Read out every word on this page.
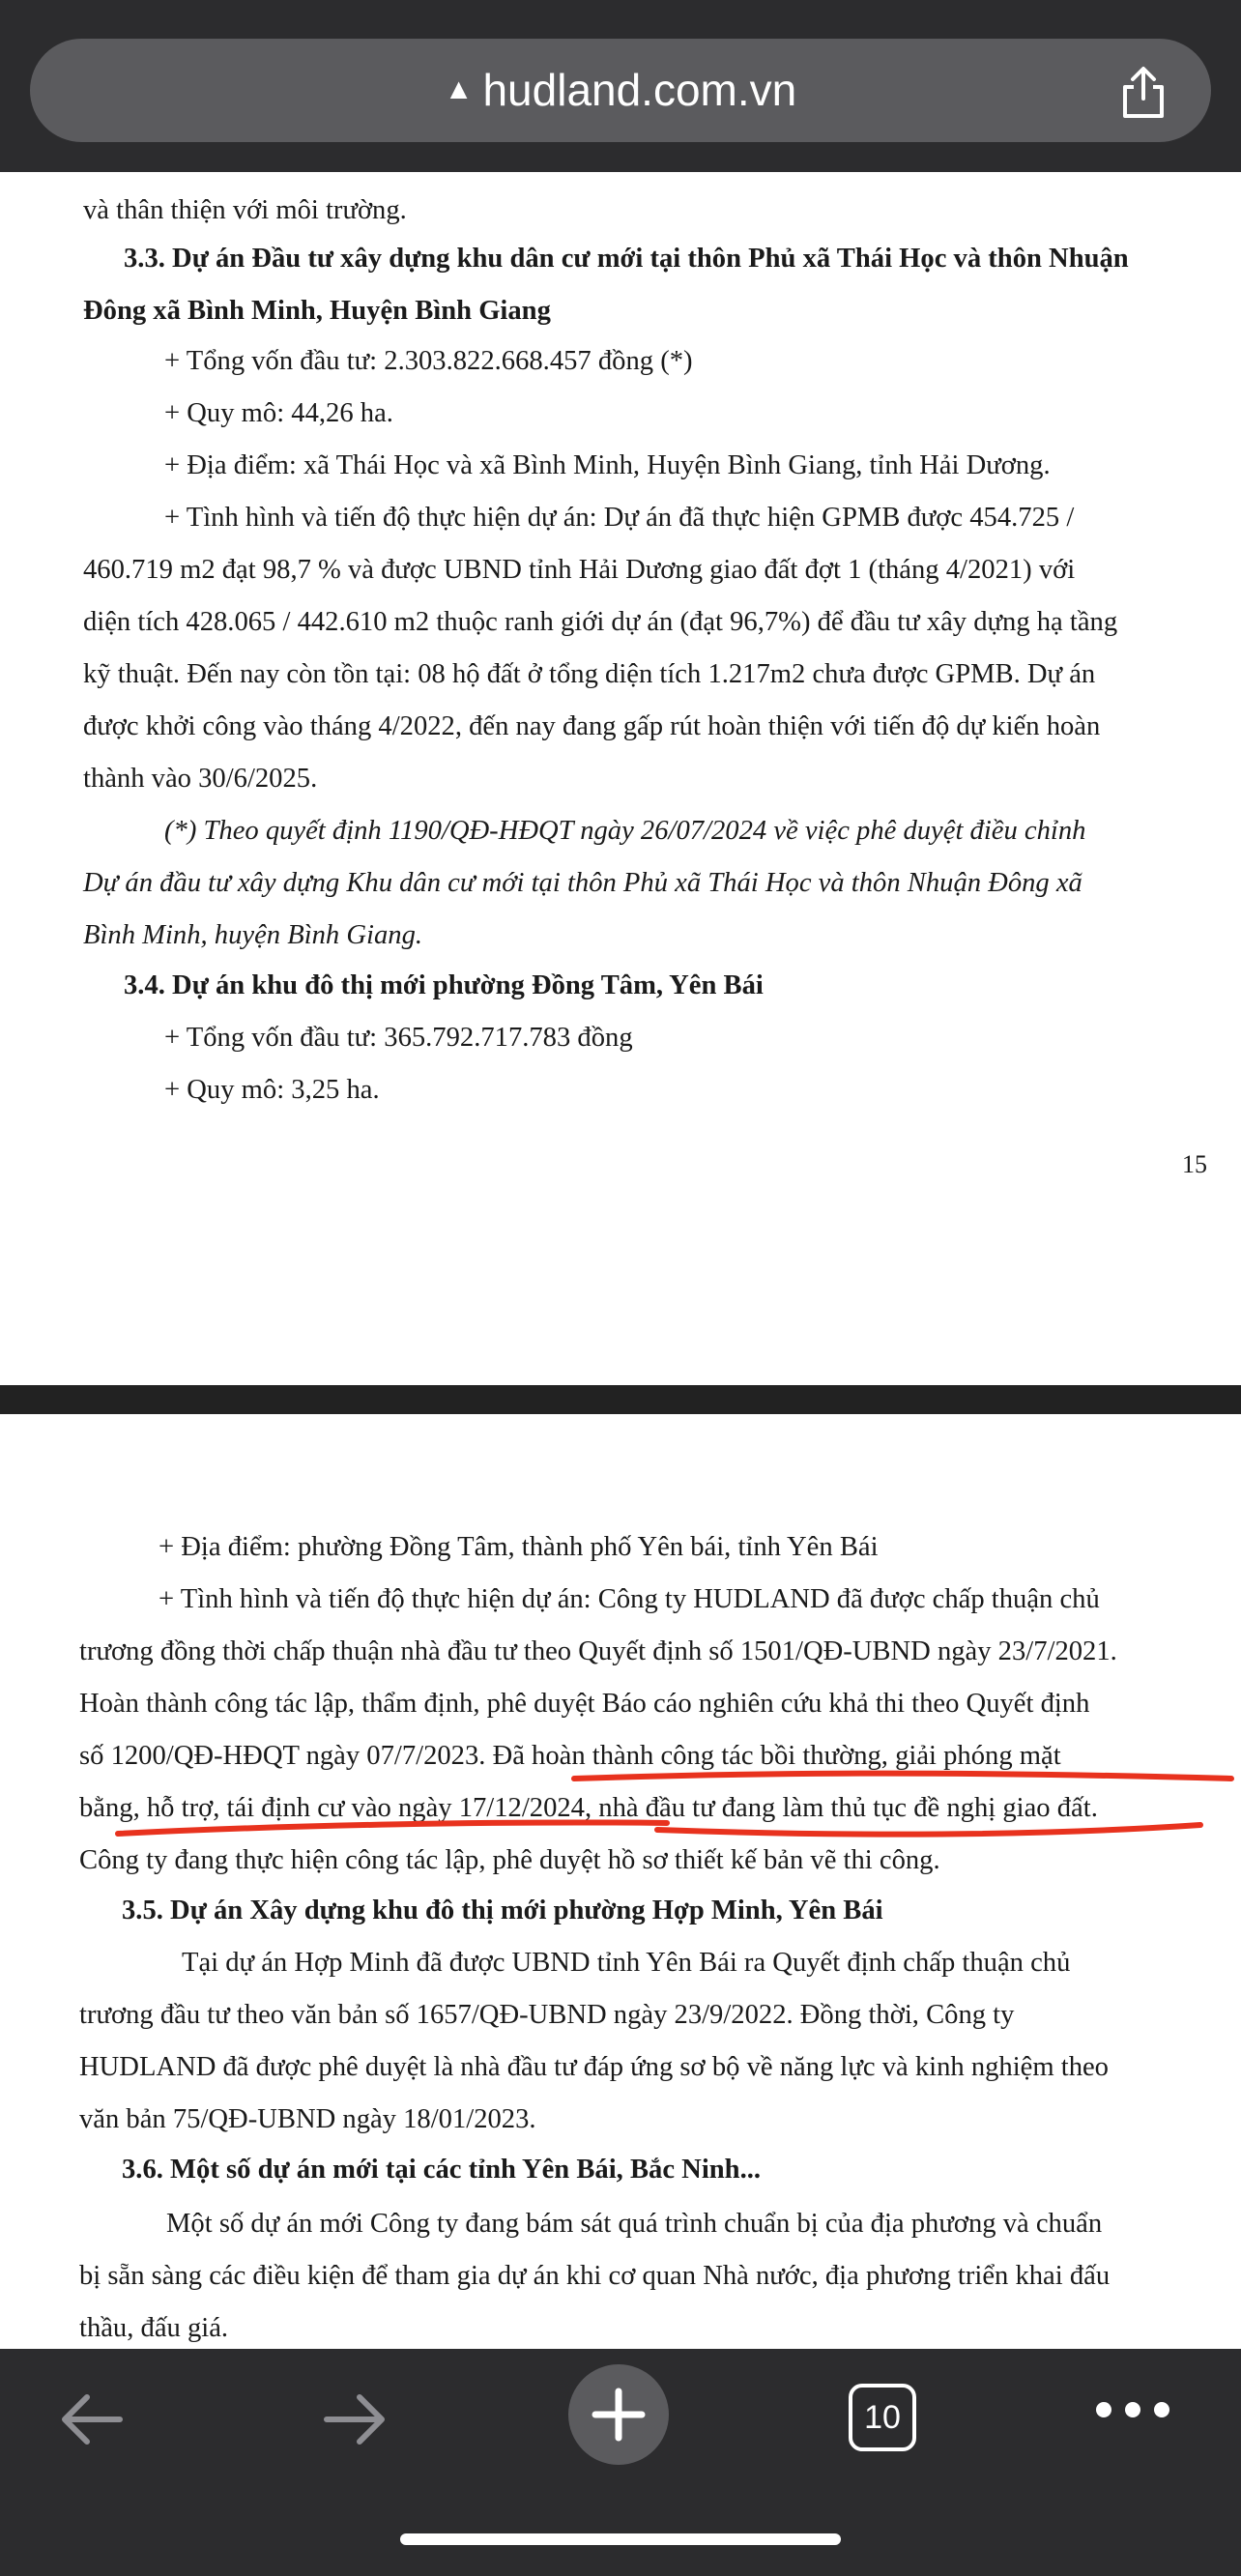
▲ hudland.com.vn
và thân thiện với môi trường.
3.3. Dự án Đầu tư xây dựng khu dân cư mới tại thôn Phủ xã Thái Học và thôn Nhuận
Đông xã Bình Minh, Huyện Bình Giang
+ Tổng vốn đầu tư: 2.303.822.668.457 đồng (*)
+ Quy mô: 44,26 ha.
+ Địa điểm: xã Thái Học và xã Bình Minh, Huyện Bình Giang, tỉnh Hải Dương.
+ Tình hình và tiến độ thực hiện dự án: Dự án đã thực hiện GPMB được 454.725 /
460.719 m2 đạt 98,7 % và được UBND tỉnh Hải Dương giao đất đợt 1 (tháng 4/2021) với
diện tích 428.065 / 442.610 m2 thuộc ranh giới dự án (đạt 96,7%) để đầu tư xây dựng hạ tầng
kỹ thuật. Đến nay còn tồn tại: 08 hộ đất ở tổng diện tích 1.217m2 chưa được GPMB. Dự án
được khởi công vào tháng 4/2022, đến nay đang gấp rút hoàn thiện với tiến độ dự kiến hoàn
thành vào 30/6/2025.
(*) Theo quyết định 1190/QĐ-HĐQT ngày 26/07/2024 về việc phê duyệt điều chỉnh
Dự án đầu tư xây dựng Khu dân cư mới tại thôn Phủ xã Thái Học và thôn Nhuận Đông xã
Bình Minh, huyện Bình Giang.
3.4. Dự án khu đô thị mới phường Đồng Tâm, Yên Bái
+ Tổng vốn đầu tư: 365.792.717.783 đồng
+ Quy mô: 3,25 ha.
15
+ Địa điểm: phường Đồng Tâm, thành phố Yên bái, tỉnh Yên Bái
+ Tình hình và tiến độ thực hiện dự án: Công ty HUDLAND đã được chấp thuận chủ
trương đồng thời chấp thuận nhà đầu tư theo Quyết định số 1501/QĐ-UBND ngày 23/7/2021.
Hoàn thành công tác lập, thẩm định, phê duyệt Báo cáo nghiên cứu khả thi theo Quyết định
số 1200/QĐ-HĐQT ngày 07/7/2023. Đã hoàn thành công tác bồi thường, giải phóng mặt
bằng, hỗ trợ, tái định cư vào ngày 17/12/2024, nhà đầu tư đang làm thủ tục đề nghị giao đất.
Công ty đang thực hiện công tác lập, phê duyệt hồ sơ thiết kế bản vẽ thi công.
3.5. Dự án Xây dựng khu đô thị mới phường Hợp Minh, Yên Bái
Tại dự án Hợp Minh đã được UBND tỉnh Yên Bái ra Quyết định chấp thuận chủ
trương đầu tư theo văn bản số 1657/QĐ-UBND ngày 23/9/2022. Đồng thời, Công ty
HUDLAND đã được phê duyệt là nhà đầu tư đáp ứng sơ bộ về năng lực và kinh nghiệm theo
văn bản 75/QĐ-UBND ngày 18/01/2023.
3.6. Một số dự án mới tại các tỉnh Yên Bái, Bắc Ninh...
Một số dự án mới Công ty đang bám sát quá trình chuẩn bị của địa phương và chuẩn
bị sẵn sàng các điều kiện để tham gia dự án khi cơ quan Nhà nước, địa phương triển khai đấu
thầu, đấu giá.
10
